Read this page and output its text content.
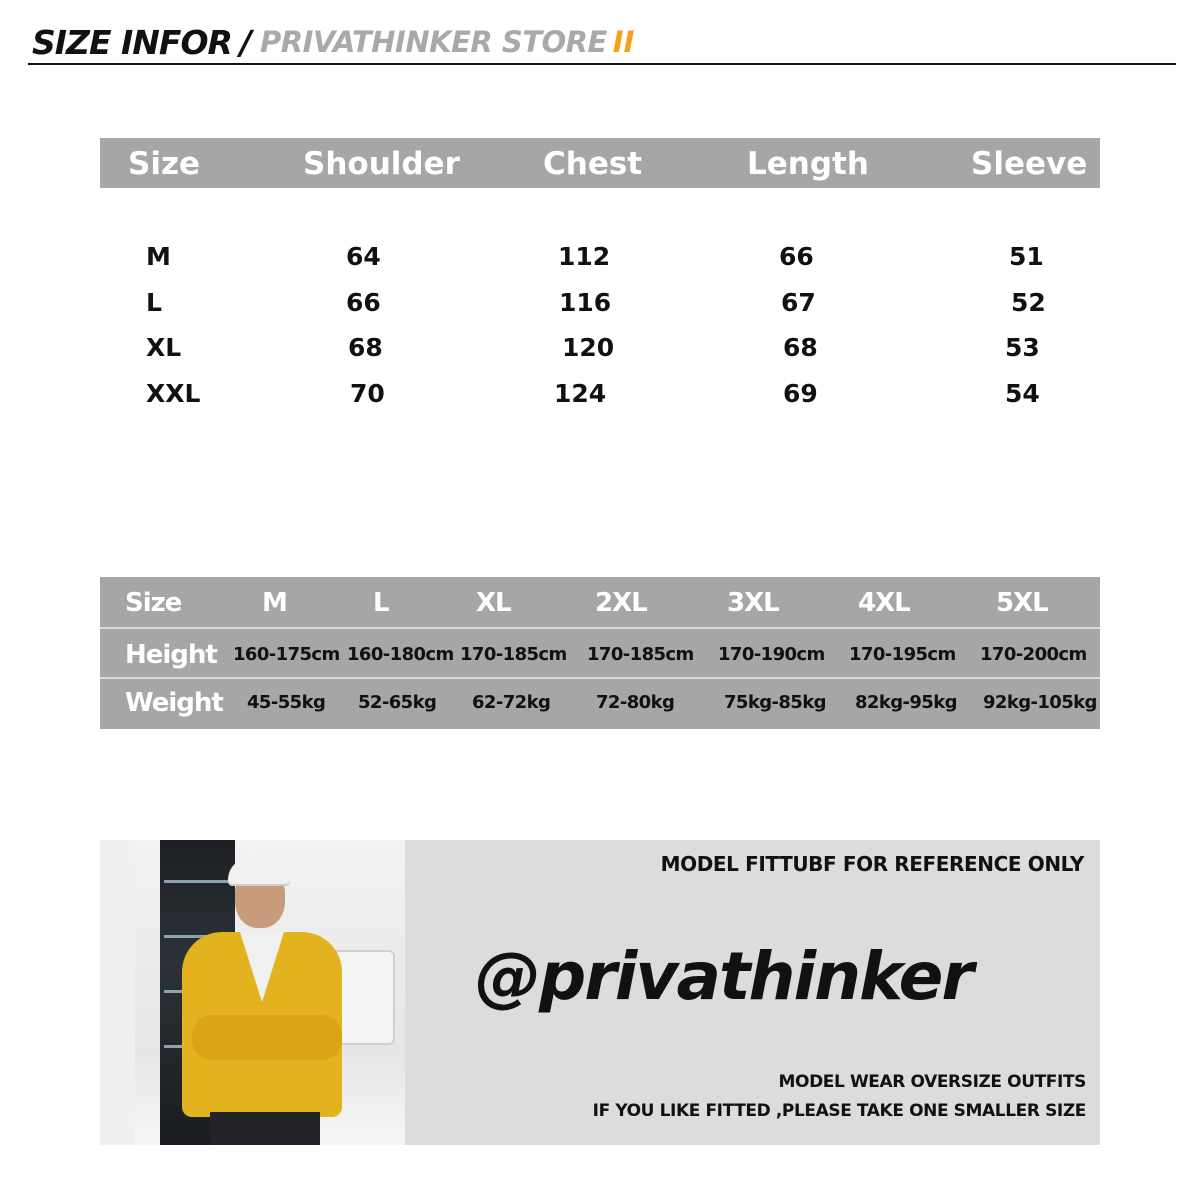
SIZE INFOR / PRIVATHINKER STORE II
Size	Shoulder	Chest	Length	Sleeve
M	64	112	66	51
L	66	116	67	52
XL	68	120	68	53
XXL	70	124	69	54
Size	M	L	XL	2XL	3XL	4XL	5XL
Height 160-175cm 160-180cm 170-185cm 170-185cm 170-190cm 170-195cm 170-200cm
Weight 45-55kg 52-65kg 62-72kg	72-80kg	75kg-85kg 82kg-95kg 92kg-105kg
MODEL FITTUBF FOR REFERENCE ONLY
@privathinker
MODEL WEAR OVERSIZE OUTFITS
IF YOU LIKE FITTED ,PLEASE TAKE ONE SMALLER SIZE
